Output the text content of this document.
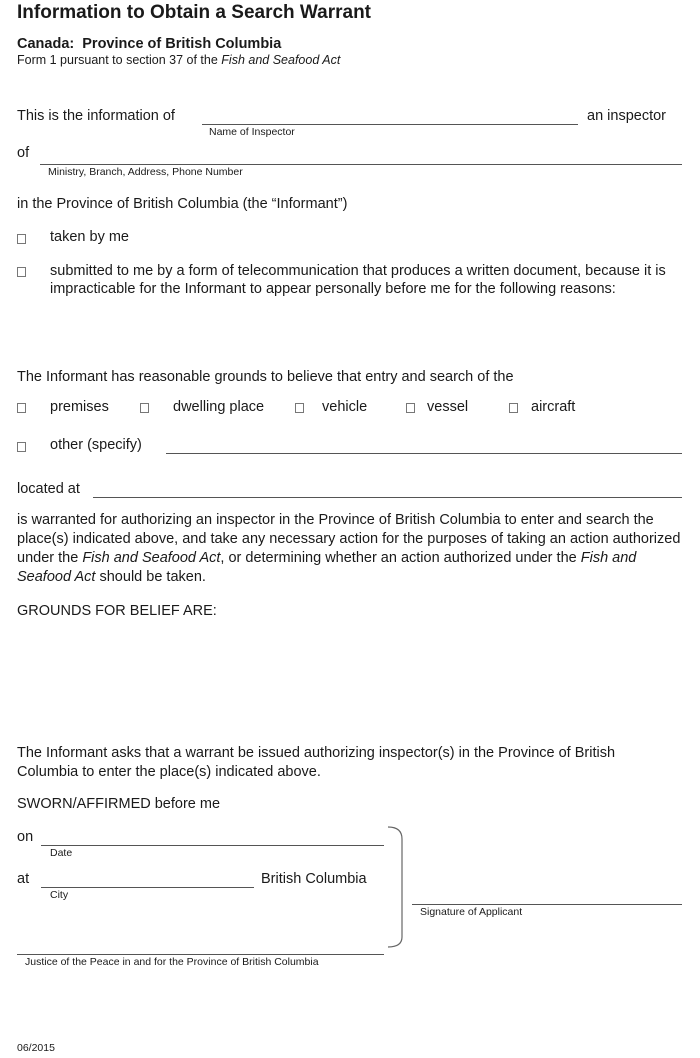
Information to Obtain a Search Warrant
Canada:  Province of British Columbia
Form 1 pursuant to section 37 of the Fish and Seafood Act
This is the information of	an inspector
Name of Inspector
of
Ministry, Branch, Address, Phone Number
in the Province of British Columbia (the “Informant”)
taken by me
submitted to me by a form of telecommunication that produces a written document, because it is impracticable for the Informant to appear personally before me for the following reasons:
The Informant has reasonable grounds to believe that entry and search of the
premises	dwelling place	vehicle	vessel	aircraft
other (specify)
located at
is warranted for authorizing an inspector in the Province of British Columbia to enter and search the place(s) indicated above, and take any necessary action for the purposes of taking an action authorized under the Fish and Seafood Act, or determining whether an action authorized under the Fish and Seafood Act should be taken.
GROUNDS FOR BELIEF ARE:
The Informant asks that a warrant be issued authorizing inspector(s) in the Province of British Columbia to enter the place(s) indicated above.
SWORN/AFFIRMED before me
on
Date
at	British Columbia
City
Signature of Applicant
Justice of the Peace in and for the Province of British Columbia
06/2015
